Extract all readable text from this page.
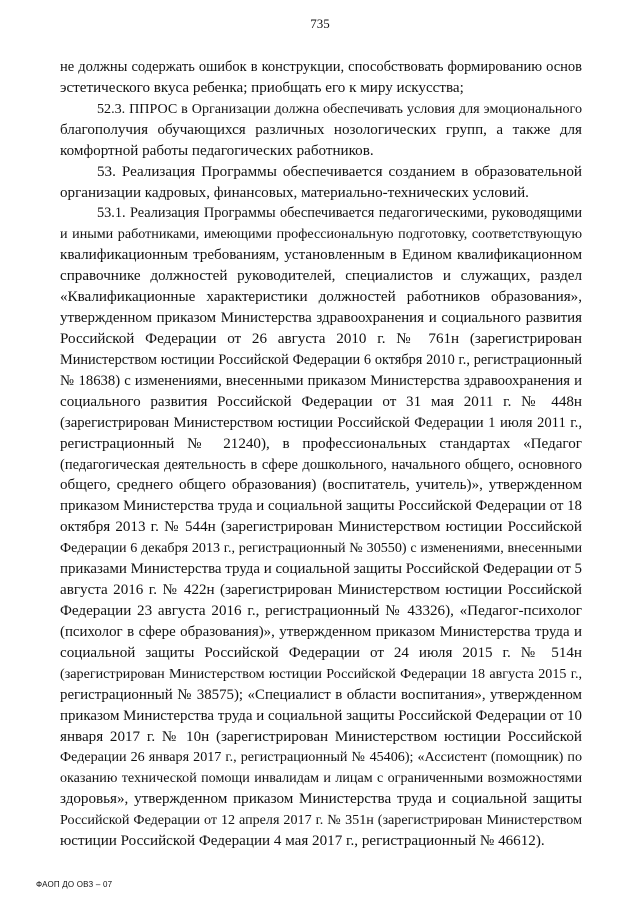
735
не должны содержать ошибок в конструкции, способствовать формированию основ
эстетического вкуса ребенка; приобщать его к миру искусства;
52.3. ППРОС в Организации должна обеспечивать условия для эмоционального
благополучия обучающихся различных нозологических групп, а также для
комфортной работы педагогических работников.
53. Реализация Программы обеспечивается созданием в образовательной
организации кадровых, финансовых, материально-технических условий.
53.1. Реализация Программы обеспечивается педагогическими, руководящими
и иными работниками, имеющими профессиональную подготовку, соответствующую
квалификационным требованиям, установленным в Едином квалификационном
справочнике должностей руководителей, специалистов и служащих, раздел
«Квалификационные характеристики должностей работников образования»,
утвержденном приказом Министерства здравоохранения и социального развития
Российской Федерации от 26 августа 2010 г. № 761н (зарегистрирован
Министерством юстиции Российской Федерации 6 октября 2010 г., регистрационный
№ 18638) с изменениями, внесенными приказом Министерства здравоохранения и
социального развития Российской Федерации от 31 мая 2011 г. № 448н
(зарегистрирован Министерством юстиции Российской Федерации 1 июля 2011 г.,
регистрационный № 21240), в профессиональных стандартах «Педагог
(педагогическая деятельность в сфере дошкольного, начального общего, основного
общего, среднего общего образования) (воспитатель, учитель)», утвержденном
приказом Министерства труда и социальной защиты Российской Федерации от 18
октября 2013 г. № 544н (зарегистрирован Министерством юстиции Российской
Федерации 6 декабря 2013 г., регистрационный № 30550) с изменениями, внесенными
приказами Министерства труда и социальной защиты Российской Федерации от 5
августа 2016 г. № 422н (зарегистрирован Министерством юстиции Российской
Федерации 23 августа 2016 г., регистрационный № 43326), «Педагог-психолог
(психолог в сфере образования)», утвержденном приказом Министерства труда и
социальной защиты Российской Федерации от 24 июля 2015 г. № 514н
(зарегистрирован Министерством юстиции Российской Федерации 18 августа 2015 г.,
регистрационный № 38575); «Специалист в области воспитания», утвержденном
приказом Министерства труда и социальной защиты Российской Федерации от 10
января 2017 г. № 10н (зарегистрирован Министерством юстиции Российской
Федерации 26 января 2017 г., регистрационный № 45406); «Ассистент (помощник) по
оказанию технической помощи инвалидам и лицам с ограниченными возможностями
здоровья», утвержденном приказом Министерства труда и социальной защиты
Российской Федерации от 12 апреля 2017 г. № 351н (зарегистрирован Министерством
юстиции Российской Федерации 4 мая 2017 г., регистрационный № 46612).
ФАОП ДО ОВЗ – 07
